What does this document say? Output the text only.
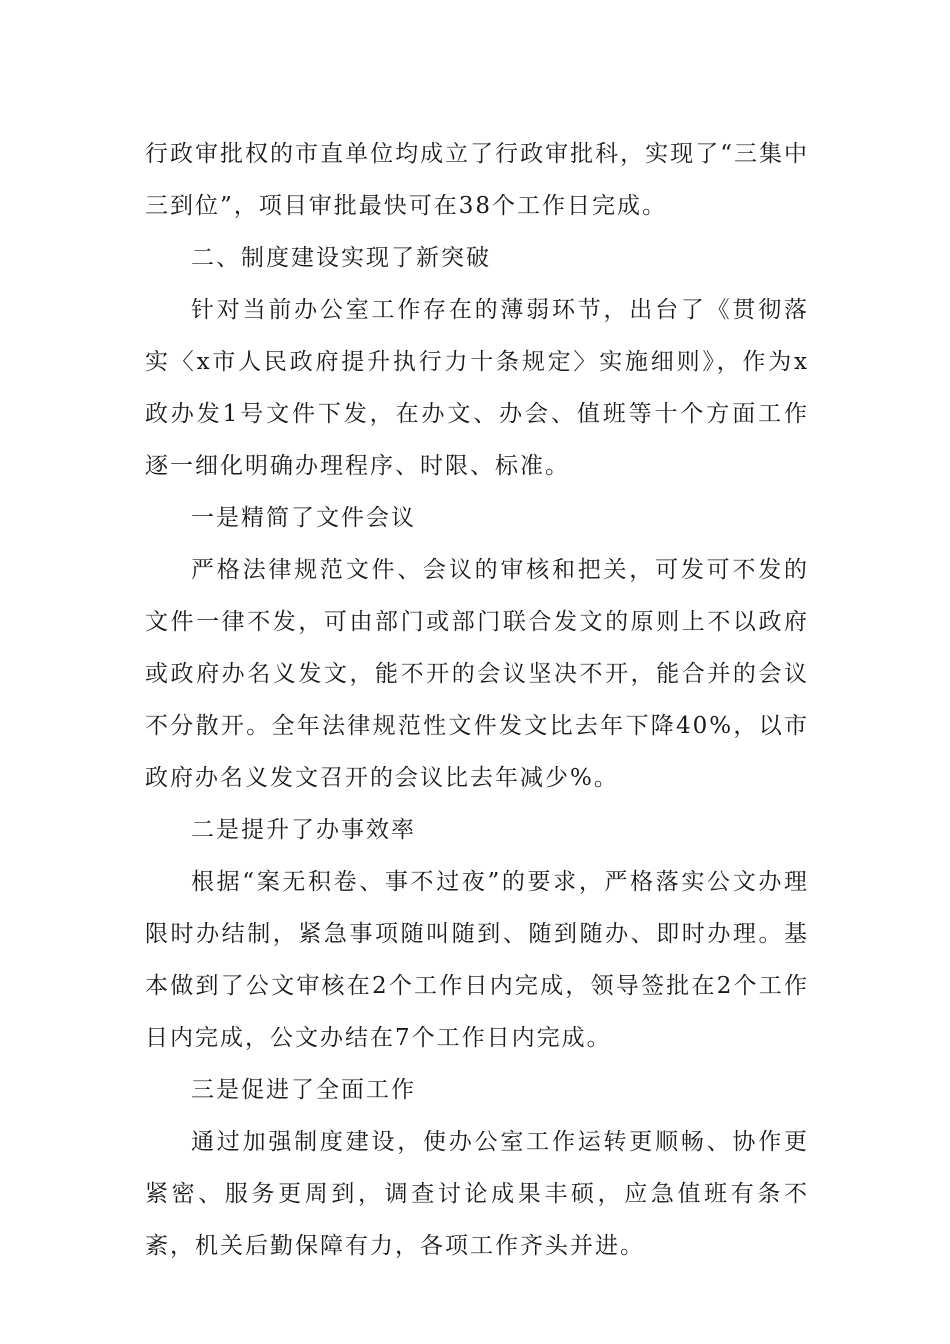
行政审批权的市直单位均成立了行政审批科，实现了“三集中三到位”，项目审批最快可在38个工作日完成。

二、制度建设实现了新突破

针对当前办公室工作存在的薄弱环节，出台了《贯彻落实〈x市人民政府提升执行力十条规定〉实施细则》，作为x政办发1号文件下发，在办文、办会、值班等十个方面工作逐一细化明确办理程序、时限、标准。

一是精简了文件会议

严格法律规范文件、会议的审核和把关，可发可不发的文件一律不发，可由部门或部门联合发文的原则上不以政府或政府办名义发文，能不开的会议坚决不开，能合并的会议不分散开。全年法律规范性文件发文比去年下降40%，以市政府办名义发文召开的会议比去年减少%。

二是提升了办事效率

根据“案无积卷、事不过夜”的要求，严格落实公文办理限时办结制，紧急事项随叫随到、随到随办、即时办理。基本做到了公文审核在2个工作日内完成，领导签批在2个工作日内完成，公文办结在7个工作日内完成。

三是促进了全面工作

通过加强制度建设，使办公室工作运转更顺畅、协作更紧密、服务更周到，调查讨论成果丰硕，应急值班有条不紊，机关后勤保障有力，各项工作齐头并进。
